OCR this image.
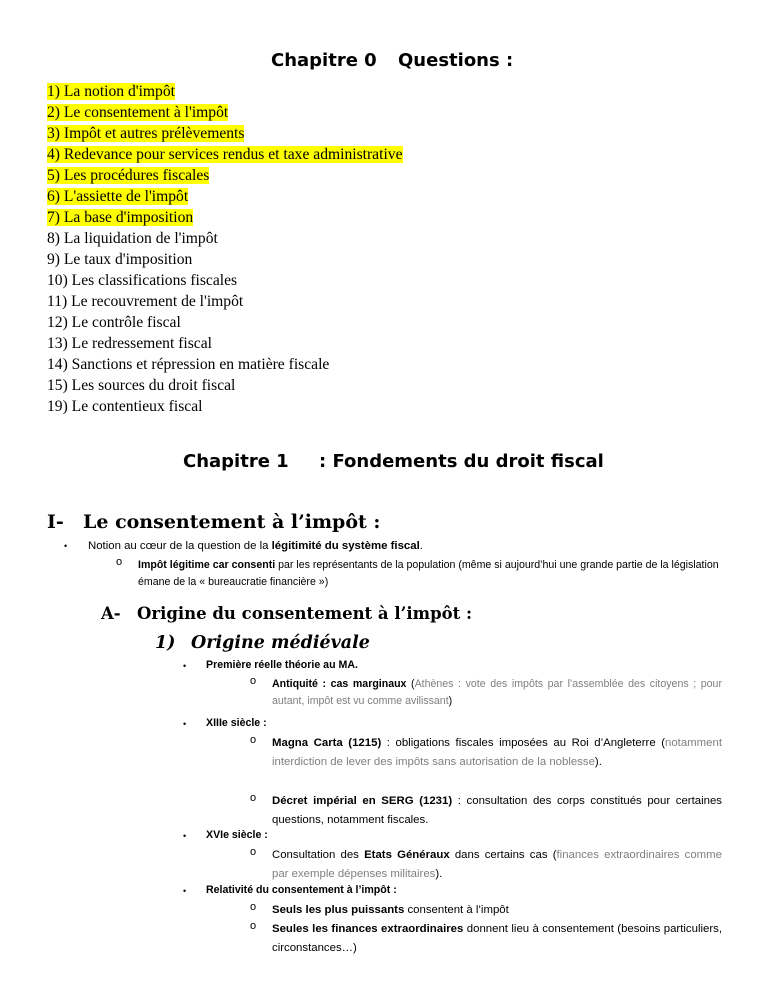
Chapitre 0 Questions :
1) La notion d'impôt
2) Le consentement à l'impôt
3) Impôt et autres prélèvements
4) Redevance pour services rendus et taxe administrative
5) Les procédures fiscales
6) L'assiette de l'impôt
7) La base d'imposition
8) La liquidation de l'impôt
9) Le taux d'imposition
10) Les classifications fiscales
11) Le recouvrement de l'impôt
12) Le contrôle fiscal
13) Le redressement fiscal
14) Sanctions et répression en matière fiscale
15) Les sources du droit fiscal
19) Le contentieux fiscal
Chapitre 1 : Fondements du droit fiscal
I- Le consentement à l’impôt :
• Notion au cœur de la question de la légitimité du système fiscal.
o Impôt légitime car consenti par les représentants de la population (même si aujourd’hui une grande partie de la législation émane de la « bureaucratie financière »)
A- Origine du consentement à l’impôt :
1) Origine médiévale
• Première réelle théorie au MA.
o Antiquité : cas marginaux (Athènes : vote des impôts par l’assemblée des citoyens ; pour autant, impôt est vu comme avilissant)
• XIIIe siècle :
o Magna Carta (1215) : obligations fiscales imposées au Roi d’Angleterre (notamment interdiction de lever des impôts sans autorisation de la noblesse).
o Décret impérial en SERG (1231) : consultation des corps constitués pour certaines questions, notamment fiscales.
• XVIe siècle :
o Consultation des Etats Généraux dans certains cas (finances extraordinaires comme par exemple dépenses militaires).
• Relativité du consentement à l’impôt :
o Seuls les plus puissants consentent à l’impôt
o Seules les finances extraordinaires donnent lieu à consentement (besoins particuliers, circonstances…)
